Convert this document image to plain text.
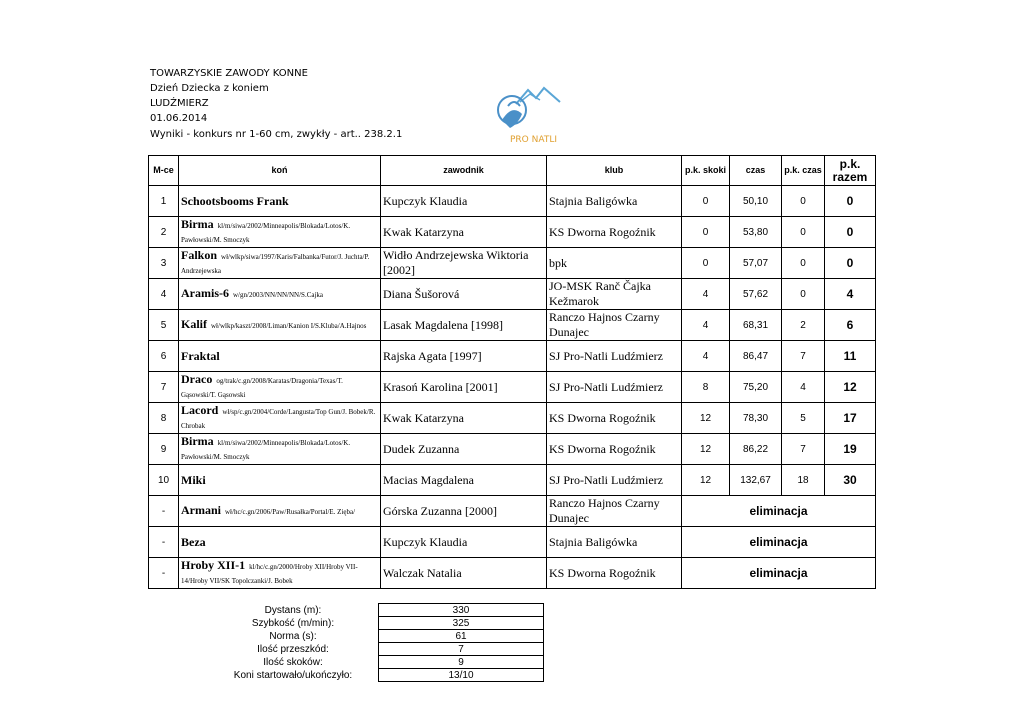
TOWARZYSKIE ZAWODY KONNE
Dzień Dziecka z koniem
LUDŹMIERZ
01.06.2014
Wyniki - konkurs nr 1-60 cm, zwykły - art.. 238.2.1	PRO NATLI
M-ce	koń	zawodnik	klub	p.k. skoki	czas	p.k. czas	p.k. razem
1	Schootsbooms Frank	Kupczyk Klaudia	Stajnia Baligówka	0	50,10	0	0
2	Birma kl/m/siwa/2002/Minneapolis/Blokada/Lotos/K. Pawłowski/M. Smoczyk	Kwak Katarzyna	KS Dworna Rogoźnik	0	53,80	0	0
3	Falkon wł/wlkp/siwa/1997/Karis/Falbanka/Futor/J. Juchta/P. Andrzejewska	Widło Andrzejewska Wiktoria [2002]	bpk	0	57,07	0	0
4	Aramis-6 w/gn/2003/NN/NN/NN/S.Cajka	Diana Šušorová	JO-MSK Ranč Čajka Kežmarok	4	57,62	0	4
5	Kalif wł/wlkp/kaszt/2008/Liman/Kanion I/S.Kluba/A.Hajnos	Lasak Magdalena [1998]	Ranczo Hajnos Czarny Dunajec	4	68,31	2	6
6	Fraktal	Rajska Agata [1997]	SJ Pro-Natli Ludźmierz	4	86,47	7	11
7	Draco og/trak/c.gn/2008/Karatas/Dragonia/Texas/T. Gąsowski/T. Gąsowski	Krasoń Karolina [2001]	SJ Pro-Natli Ludźmierz	8	75,20	4	12
8	Lacord wł/sp/c.gn/2004/Corde/Langusta/Top Gun/J. Bobek/R. Chrobak	Kwak Katarzyna	KS Dworna Rogoźnik	12	78,30	5	17
9	Birma kl/m/siwa/2002/Minneapolis/Blokada/Lotos/K. Pawłowski/M. Smoczyk	Dudek Zuzanna	KS Dworna Rogoźnik	12	86,22	7	19
10	Miki	Macias Magdalena	SJ Pro-Natli Ludźmierz	12	132,67	18	30
-	Armani wł/hc/c.gn/2006/Paw/Rusałka/Portal/E. Zięba/	Górska Zuzanna [2000]	Ranczo Hajnos Czarny Dunajec	eliminacja			
-	Beza	Kupczyk Klaudia	Stajnia Baligówka	eliminacja			
-	Hroby XII-1 kl/hc/c.gn/2000/Hroby XII/Hroby VII-14/Hroby VII/SK Topolczanki/J. Bobek	Walczak Natalia	KS Dworna Rogoźnik	eliminacja			
Dystans (m):	330
Szybkość (m/min):	325
Norma (s):	61
Ilość przeszkód:	7
Ilość skoków:	9
Koni startowało/ukończyło:	13/10
